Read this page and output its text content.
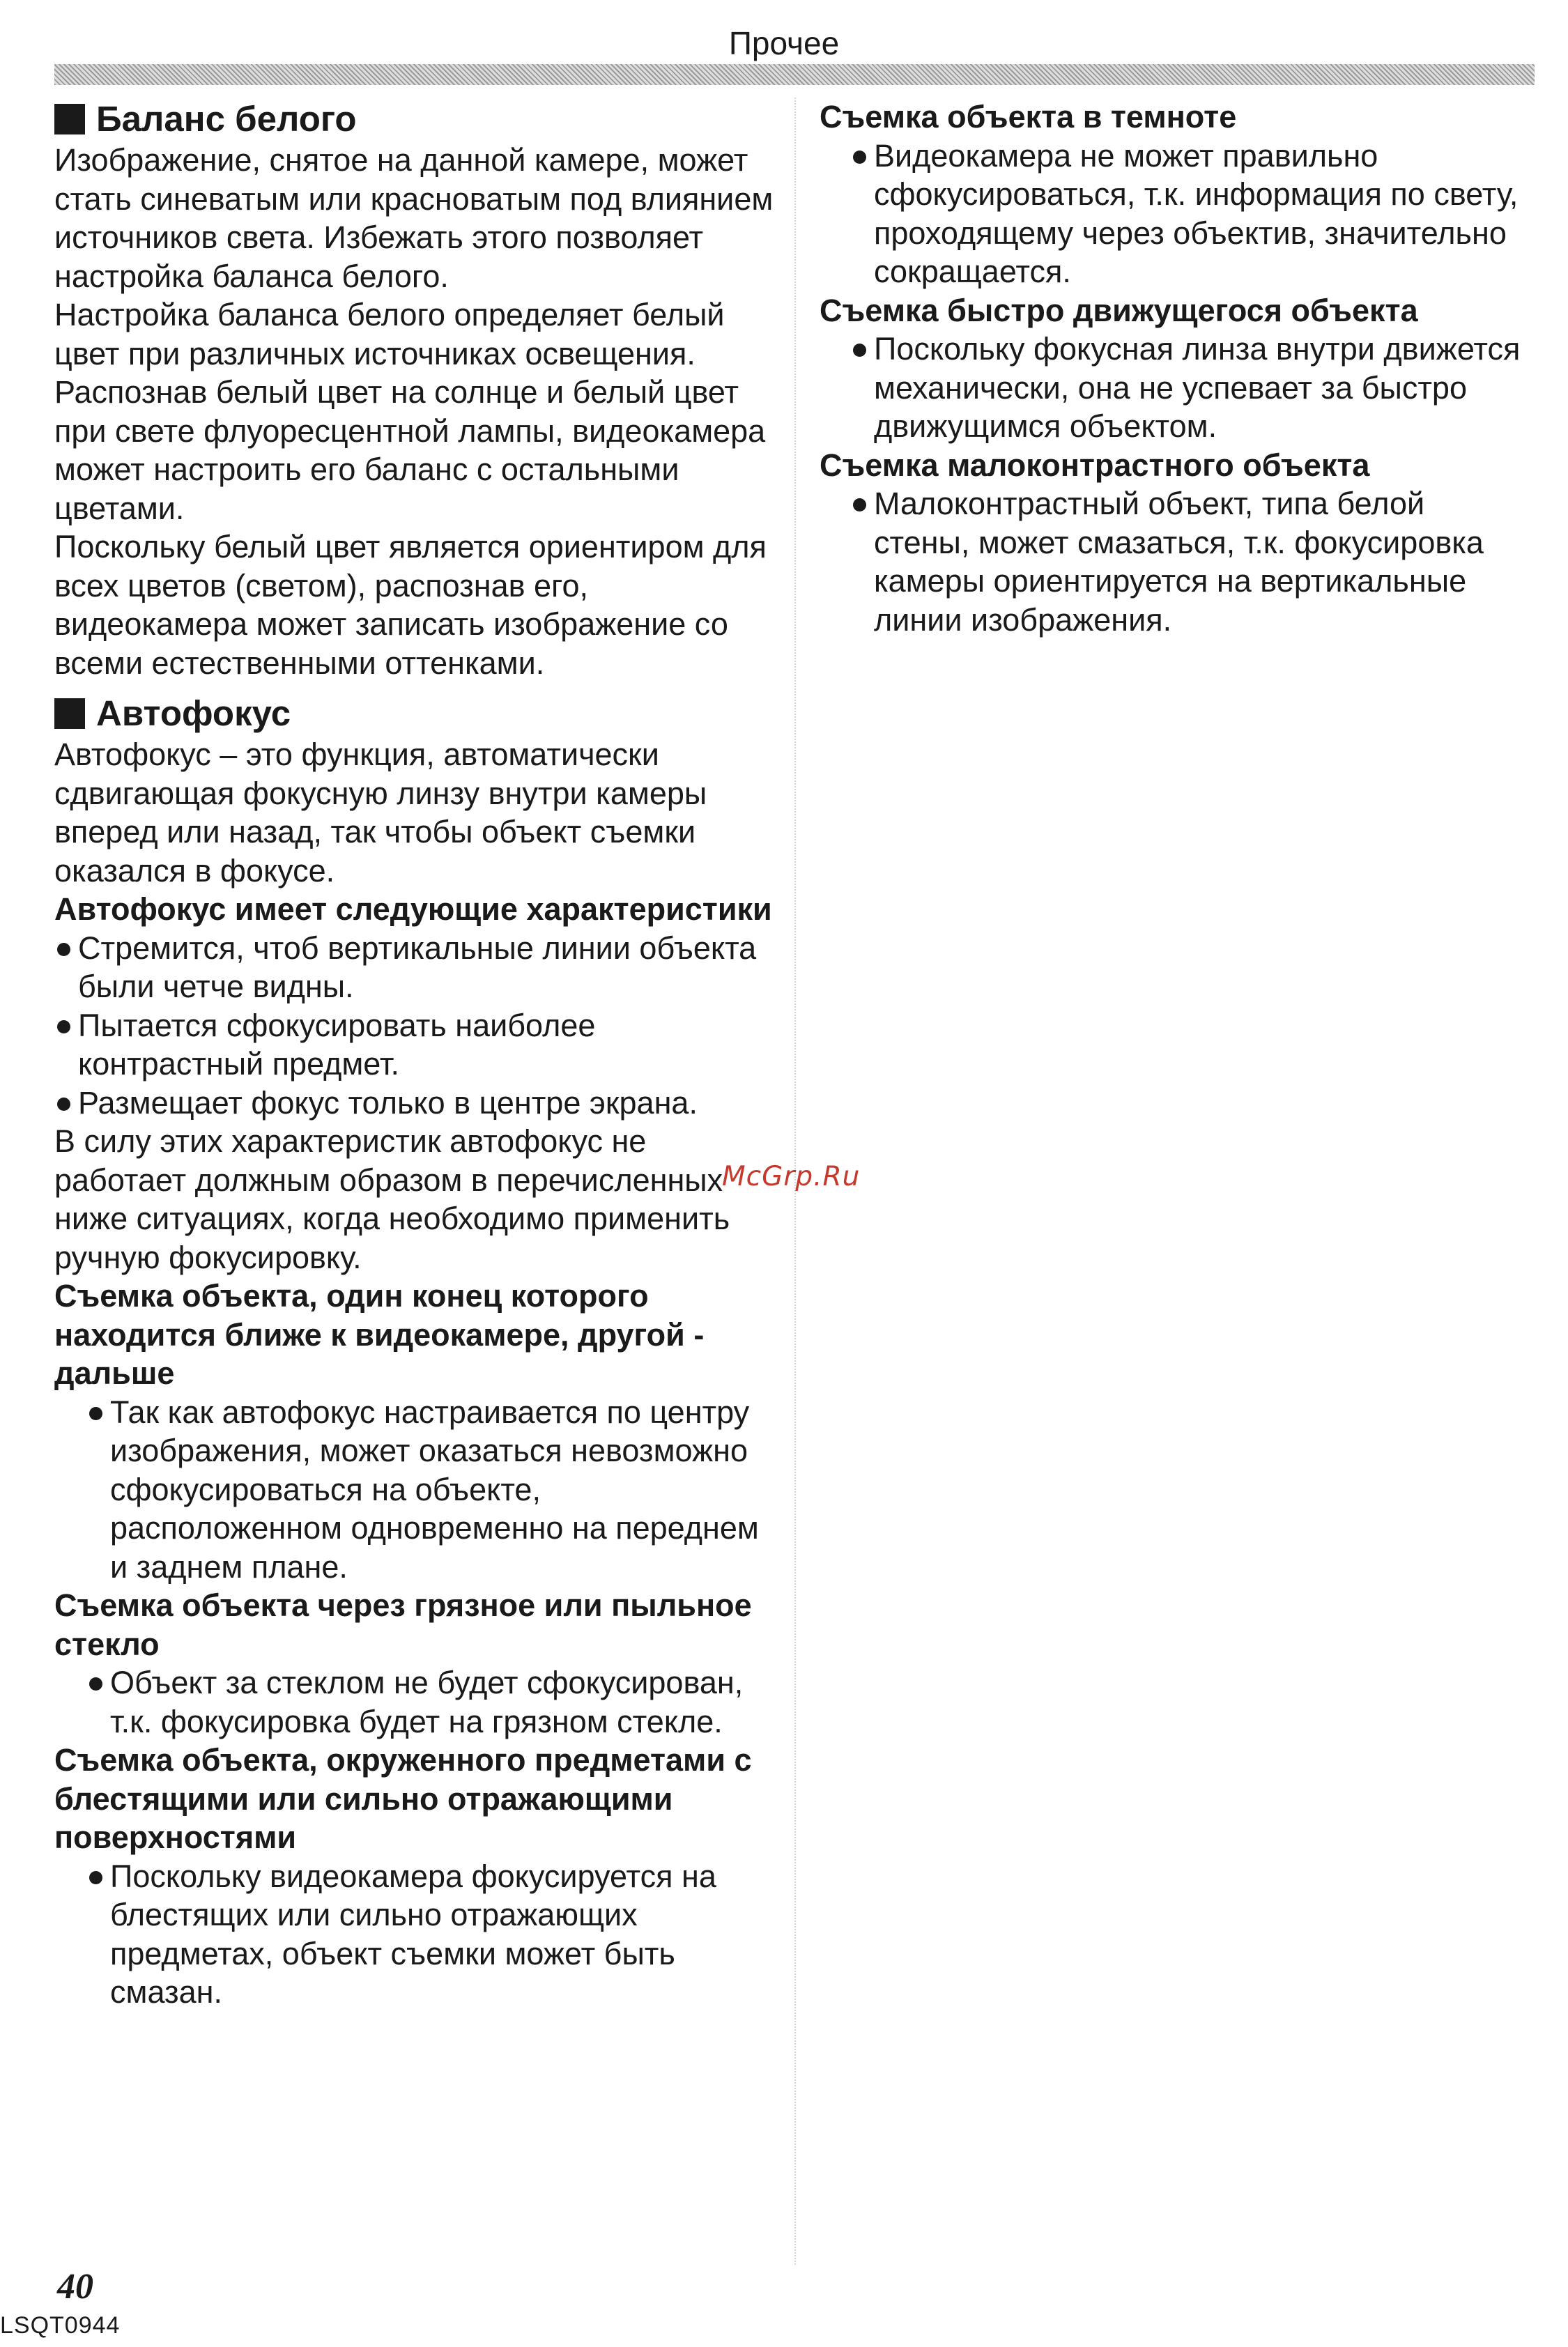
Прочее
Баланс белого

Изображение, снятое на данной камере, может стать синеватым или красноватым под влиянием источников света. Избежать этого позволяет настройка баланса белого.

Настройка баланса белого определяет белый цвет при различных источниках освещения. Распознав белый цвет на солнце и белый цвет при свете флуоресцентной лампы, видеокамера может настроить его баланс с остальными цветами.

Поскольку белый цвет является ориентиром для всех цветов (светом), распознав его, видеокамера может записать изображение со всеми естественными оттенками.

Автофокус

Автофокус – это функция, автоматически сдвигающая фокусную линзу внутри камеры вперед или назад, так чтобы объект съемки оказался в фокусе.

Автофокус имеет следующие характеристики

Стремится, чтоб вертикальные линии объекта были четче видны.
Пытается сфокусировать наиболее контрастный предмет.
Размещает фокус только в центре экрана.

В силу этих характеристик автофокус не работает должным образом в перечисленных ниже ситуациях, когда необходимо применить ручную фокусировку.

Съемка объекта, один конец которого находится ближе к видеокамере, другой - дальше

Так как автофокус настраивается по центру изображения, может оказаться невозможно сфокусироваться на объекте, расположенном одновременно на переднем и заднем плане.

Съемка объекта через грязное или пыльное стекло

Объект за стеклом не будет сфокусирован, т.к. фокусировка будет на грязном стекле.

Съемка объекта, окруженного предметами с блестящими или сильно отражающими поверхностями

Поскольку видеокамера фокусируется на блестящих или сильно отражающих предметах, объект съемки может быть смазан.

Съемка объекта в темноте

Видеокамера не может правильно сфокусироваться, т.к. информация по свету, проходящему через объектив, значительно сокращается.

Съемка быстро движущегося объекта

Поскольку фокусная линза внутри движется механически, она не успевает за быстро движущимся объектом.

Съемка малоконтрастного объекта

Малоконтрастный объект, типа белой стены, может смазаться, т.к. фокусировка камеры ориентируется на вертикальные линии изображения.
McGrp.Ru
40
LSQT0944
